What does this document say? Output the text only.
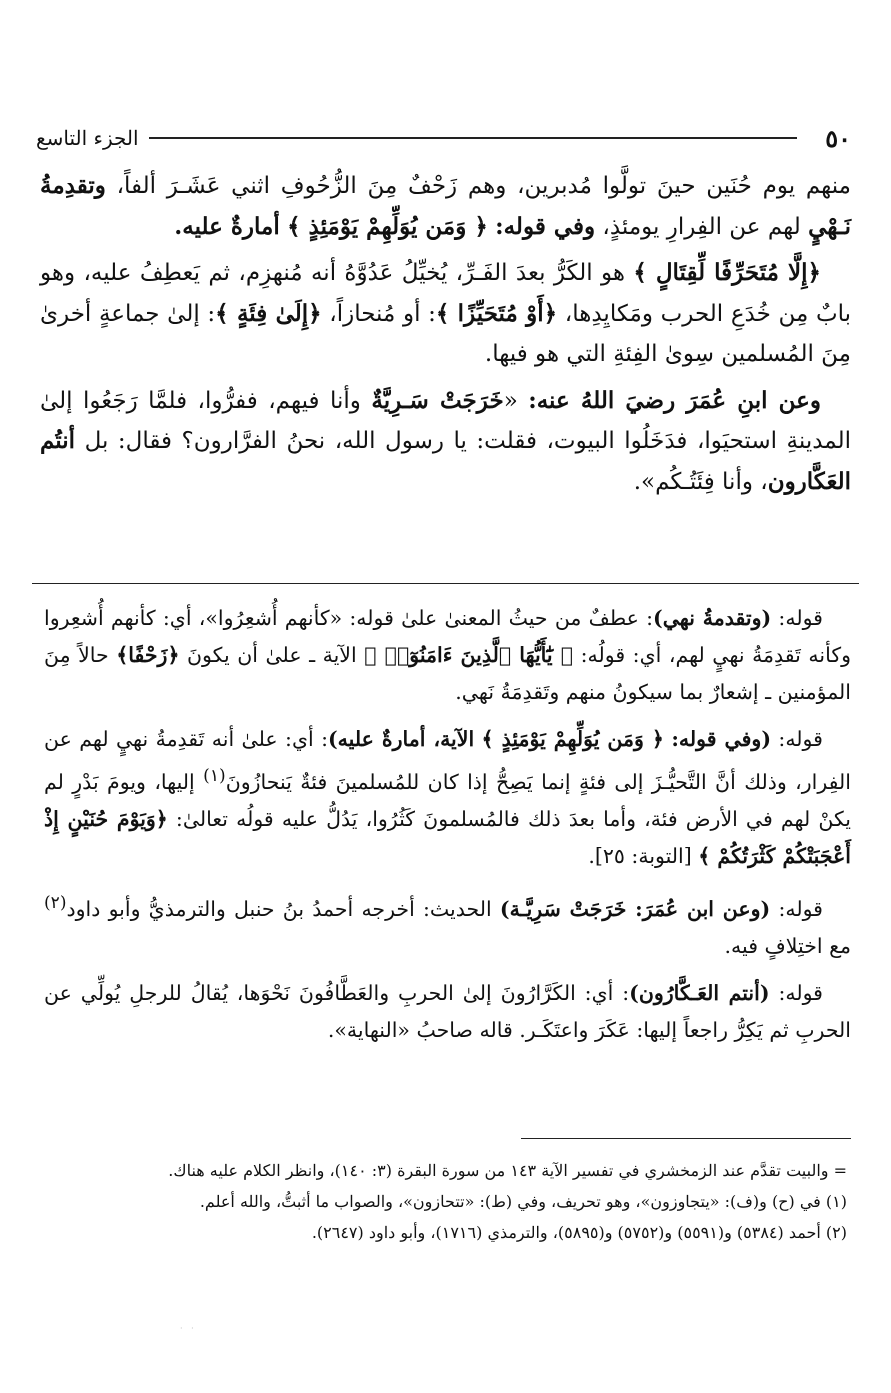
٥٠
الجزء التاسع

منهم يوم حُنَين حينَ تولَّوا مُدبرين، وهم زَحْفٌ مِنَ الزُّحُوفِ اثني عَشَـرَ ألفاً، وتقدِمةُ نَـهْيٍ لهم عن الفِرارِ يومئذٍ، وفي قوله: ﴿ وَمَن يُوَلِّهِمْ يَوْمَئِذٍ ﴾ أمارةٌ عليه.

﴿إِلَّا مُتَحَرِّفًا لِّقِتَالٍ ﴾ هو الكَرُّ بعدَ الفَـرِّ، يُخيِّلُ عَدُوَّهُ أنه مُنهزِم، ثم يَعطِفُ عليه، وهو بابٌ مِن خُدَعِ الحرب ومَكايِدِها، ﴿أَوْ مُتَحَيِّزًا ﴾: أو مُنحازاً، ﴿إِلَىٰ فِئَةٍ ﴾: إلىٰ جماعةٍ أخرىٰ مِنَ المُسلمين سِوىٰ الفِئةِ التي هو فيها.

وعن ابنِ عُمَرَ رضيَ اللهُ عنه: «خَرَجَتْ سَـرِيَّةٌ وأنا فيهم، ففرُّوا، فلمَّا رَجَعُوا إلىٰ المدينةِ استحيَوا، فدَخَلُوا البيوت، فقلت: يا رسول الله، نحنُ الفرَّارون؟ فقال: بل أنتُم العَكَّارون، وأنا فِئَتُـكُم».

قوله: (وتقدمةُ نهي): عطفٌ من حيثُ المعنىٰ علىٰ قوله: «كأنهم أُشعِرُوا»، أي: كأنهم أُشعِروا وكأنه تَقدِمَةُ نهيٍ لهم، أي: قولُه: ﴿ يَٰٓأَيُّهَا ٱلَّذِينَ ءَامَنُوٓا۟ ﴾ الآية ـ علىٰ أن يكونَ ﴿زَحْفًا﴾ حالاً مِنَ المؤمنين ـ إشعارٌ بما سيكونُ منهم وتَقدِمَةُ نَهي.

قوله: (وفي قوله: ﴿ وَمَن يُوَلِّهِمْ يَوْمَئِذٍ ﴾ الآية، أمارةٌ عليه): أي: علىٰ أنه تَقدِمةُ نهيٍ لهم عن الفِرار، وذلك أنَّ التَّحيُّـزَ إلى فئةٍ إنما يَصِحُّ إذا كان للمُسلمينَ فئةٌ يَنحازُونَ$^{(١)}$ إليها، ويومَ بَدْرٍ لم يكنْ لهم في الأرض فئة، وأما بعدَ ذلك فالمُسلمونَ كَثُرُوا، يَدُلُّ عليه قولُه تعالىٰ: ﴿وَيَوْمَ حُنَيْنٍ إِذْ أَعْجَبَتْكُمْ كَثْرَتُكُمْ ﴾ [التوبة: ٢٥].

قوله: (وعن ابن عُمَرَ: خَرَجَتْ سَرِيَّـة) الحديث: أخرجه أحمدُ بنُ حنبل والترمذيُّ وأبو داود$^{(٢)}$ مع اختِلافٍ فيه.

قوله: (أنتم العَـكَّارُون): أي: الكَرَّارُونَ إلىٰ الحربِ والعَطَّافُونَ نَحْوَها، يُقالُ للرجلِ يُولِّي عن الحربِ ثم يَكِرُّ راجعاً إليها: عَكَرَ واعتَكَـر. قاله صاحبُ «النهاية».

= والبيت تقدَّم عند الزمخشري في تفسير الآية ١٤٣ من سورة البقرة (٣: ١٤٠)، وانظر الكلام عليه هناك.

(١) في (ح) و(ف): «يتجاوزون»، وهو تحريف، وفي (ط): «تتحازون»، والصواب ما أثبتُّ، والله أعلم.

(٢) أحمد (٥٣٨٤) و(٥٥٩١) و(٥٧٥٢) و(٥٨٩٥)، والترمذي (١٧١٦)، وأبو داود (٢٦٤٧).

· ·
